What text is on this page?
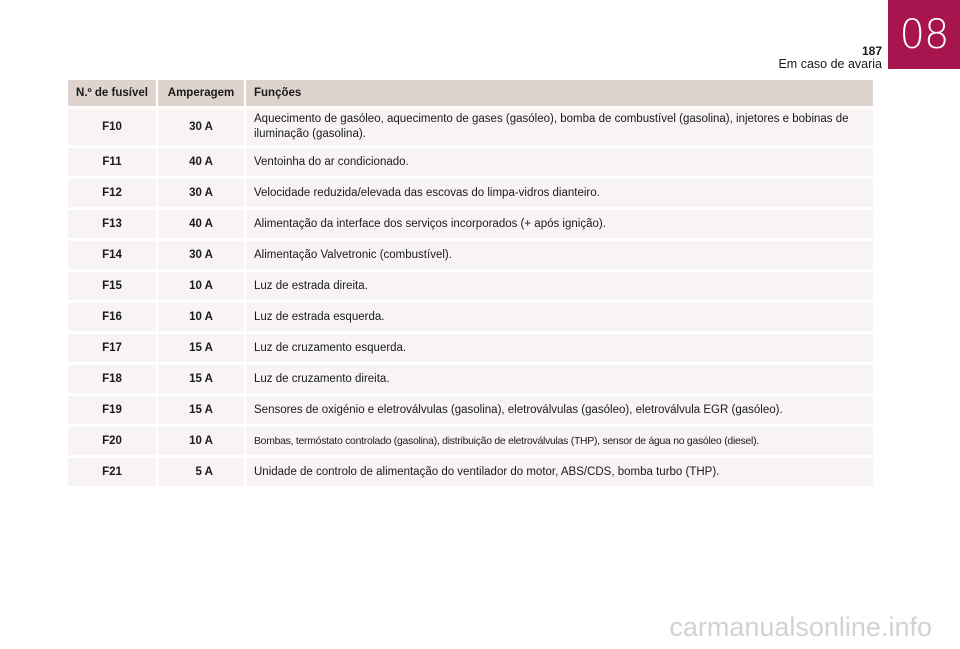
187
Em caso de avaria
08
N.º de fusível	Amperagem	Funções
F10	30 A	Aquecimento de gasóleo, aquecimento de gases (gasóleo), bomba de combustível (gasolina), injetores e bobinas de iluminação (gasolina).
F11	40 A	Ventoinha do ar condicionado.
F12	30 A	Velocidade reduzida/elevada das escovas do limpa-vidros dianteiro.
F13	40 A	Alimentação da interface dos serviços incorporados (+ após ignição).
F14	30 A	Alimentação Valvetronic (combustível).
F15	10 A	Luz de estrada direita.
F16	10 A	Luz de estrada esquerda.
F17	15 A	Luz de cruzamento esquerda.
F18	15 A	Luz de cruzamento direita.
F19	15 A	Sensores de oxigénio e eletroválvulas (gasolina), eletroválvulas (gasóleo), eletroválvula EGR (gasóleo).
F20	10 A	Bombas, termóstato controlado (gasolina), distribuição de eletroválvulas (THP), sensor de água no gasóleo (diesel).
F21	5 A	Unidade de controlo de alimentação do ventilador do motor, ABS/CDS, bomba turbo (THP).
carmanualsonline.info
